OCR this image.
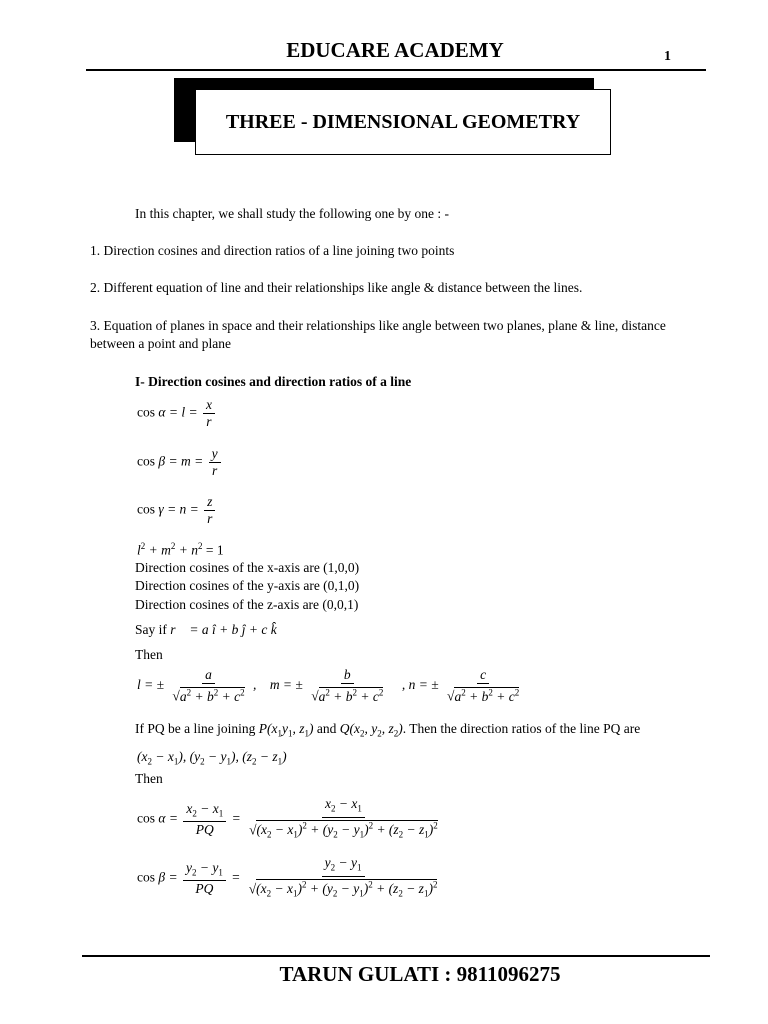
EDUCARE ACADEMY	1
THREE - DIMENSIONAL GEOMETRY
In this chapter, we shall study the following one by one : -
1. Direction cosines and direction ratios of a line joining two points
2. Different equation of line and their relationships like angle & distance between the lines.
3. Equation of planes in space and their relationships like angle between two planes, plane & line, distance between a point and plane
I- Direction cosines and direction ratios of a line
$\cos \alpha = l = \frac{x}{r}$
$\cos \beta = m = \frac{y}{r}$
$\cos \gamma = n = \frac{z}{r}$
$l^2 + m^2 + n^2 = 1$
Direction cosines of the x-axis are (1,0,0)
Direction cosines of the y-axis are (0,1,0)
Direction cosines of the z-axis are (0,0,1)
Say if r⃗ = a î + b ĵ + c k̂
Then
l = ± $\frac{a}{√a^2 + b^2 + c^2}$ ,    m = ± $\frac{b}{√a^2 + b^2 + c^2}$ , n = ± $\frac{c}{√a^2 + b^2 + c^2}$
If PQ be a line joining $P(x_1y_1$, $z_1$) and $Q(x_2$, $y_2$, $z_2$). Then the direction ratios of the line PQ are
$(x_2 - x_1)$, $(y_2 - y_1)$, $(z_2 - z_1)$
Then
$\cos \alpha = \frac{x_2 - x_1}{PQ} = \frac{x_2 - x_1}{√(x_2 - x_1)^2 + (y_2 - y_1)^2 + (z_2 - z_1)^2}$
$\cos \beta = \frac{y_2 - y_1}{PQ} = \frac{y_2 - y_1}{√(x_2 - x_1)^2 + (y_2 - y_1)^2 + (z_2 - z_1)^2}$
TARUN GULATI : 9811096275
